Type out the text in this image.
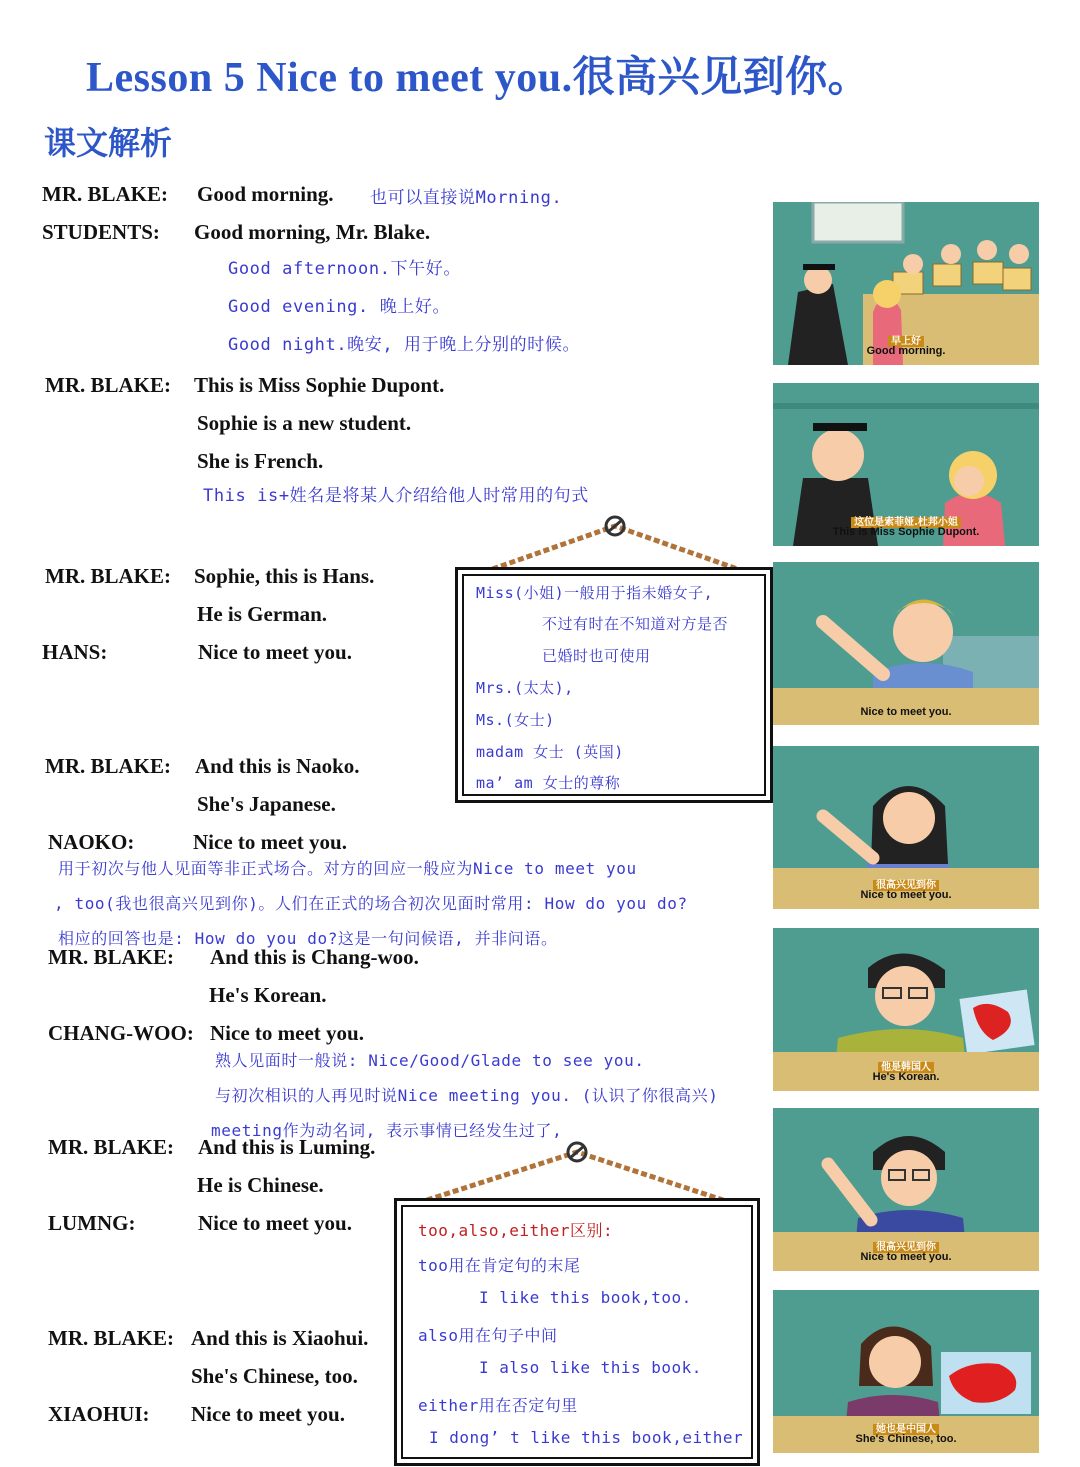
Lesson 5 Nice to meet you.很高兴见到你。
课文解析
MR. BLAKE: Good morning. 也可以直接说Morning.
STUDENTS: Good morning, Mr. Blake.
Good afternoon.下午好。
Good evening. 晚上好。
Good night.晚安, 用于晚上分别的时候。
MR. BLAKE: This is Miss Sophie Dupont.
Sophie is a new student.
She is French.
This is+姓名是将某人介绍给他人时常用的句式
MR. BLAKE: Sophie, this is Hans.
He is German.
HANS:	Nice to meet you.
MR. BLAKE: And this is Naoko.
She's Japanese.
NAOKO:	Nice to meet you.
用于初次与他人见面等非正式场合。对方的回应一般应为Nice to meet you
, too(我也很高兴见到你)。人们在正式的场合初次见面时常用: How do you do?
相应的回答也是: How do you do?这是一句问候语, 并非问语。
MR. BLAKE: And this is Chang-woo.
He's Korean.
CHANG-WOO: Nice to meet you.
熟人见面时一般说: Nice/Good/Glade to see you.
与初次相识的人再见时说Nice meeting you. (认识了你很高兴)
meeting作为动名词, 表示事情已经发生过了,
MR. BLAKE: And this is Luming.
He is Chinese.
LUMNG:	Nice to meet you.
MR. BLAKE: And this is Xiaohui.
She's Chinese, too.
XIAOHUI: Nice to meet you.
Miss(小姐)一般用于指未婚女子,
不过有时在不知道对方是否
已婚时也可使用
Mrs.(太太),
Ms.(女士)
madam 女士 (英国)
ma’ am 女士的尊称
too,also,either区别:
too用在肯定句的末尾
I like this book,too.
also用在句子中间
I also like this book.
either用在否定句里
I dong’ t like this book,either
早上好
Good morning.
这位是索菲娅.杜邦小姐
This is Miss Sophie Dupont.
Nice to meet you.
很高兴见到你
Nice to meet you.
他是韩国人
He's Korean.
很高兴见到你
Nice to meet you.
她也是中国人
She's Chinese, too.
